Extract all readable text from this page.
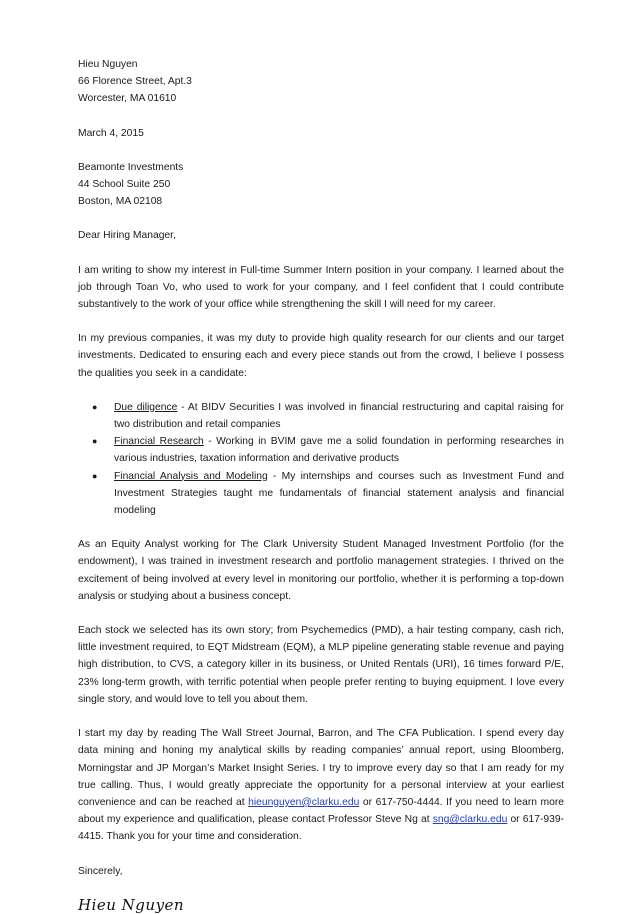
Hieu Nguyen
66 Florence Street, Apt.3
Worcester, MA 01610
March 4, 2015
Beamonte Investments
44 School Suite 250
Boston, MA 02108
Dear Hiring Manager,

I am writing to show my interest in Full-time Summer Intern position in your company. I learned about the job through Toan Vo, who used to work for your company, and I feel confident that I could contribute substantively to the work of your office while strengthening the skill I will need for my career.

In my previous companies, it was my duty to provide high quality research for our clients and our target investments. Dedicated to ensuring each and every piece stands out from the crowd, I believe I possess the qualities you seek in a candidate:

● Due diligence - At BIDV Securities I was involved in financial restructuring and capital raising for two distribution and retail companies
● Financial Research - Working in BVIM gave me a solid foundation in performing researches in various industries, taxation information and derivative products
● Financial Analysis and Modeling - My internships and courses such as Investment Fund and Investment Strategies taught me fundamentals of financial statement analysis and financial modeling

As an Equity Analyst working for The Clark University Student Managed Investment Portfolio (for the endowment), I was trained in investment research and portfolio management strategies. I thrived on the excitement of being involved at every level in monitoring our portfolio, whether it is performing a top-down analysis or studying about a business concept.

Each stock we selected has its own story; from Psychemedics (PMD), a hair testing company, cash rich, little investment required, to EQT Midstream (EQM), a MLP pipeline generating stable revenue and paying high distribution, to CVS, a category killer in its business, or United Rentals (URI), 16 times forward P/E, 23% long-term growth, with terrific potential when people prefer renting to buying equipment. I love every single story, and would love to tell you about them.

I start my day by reading The Wall Street Journal, Barron, and The CFA Publication. I spend every day data mining and honing my analytical skills by reading companies’ annual report, using Bloomberg, Morningstar and JP Morgan’s Market Insight Series. I try to improve every day so that I am ready for my true calling. Thus, I would greatly appreciate the opportunity for a personal interview at your earliest convenience and can be reached at hieunguyen@clarku.edu or 617-750-4444. If you need to learn more about my experience and qualification, please contact Professor Steve Ng at sng@clarku.edu or 617-939-4415. Thank you for your time and consideration.

Sincerely,
Hieu Nguyen
